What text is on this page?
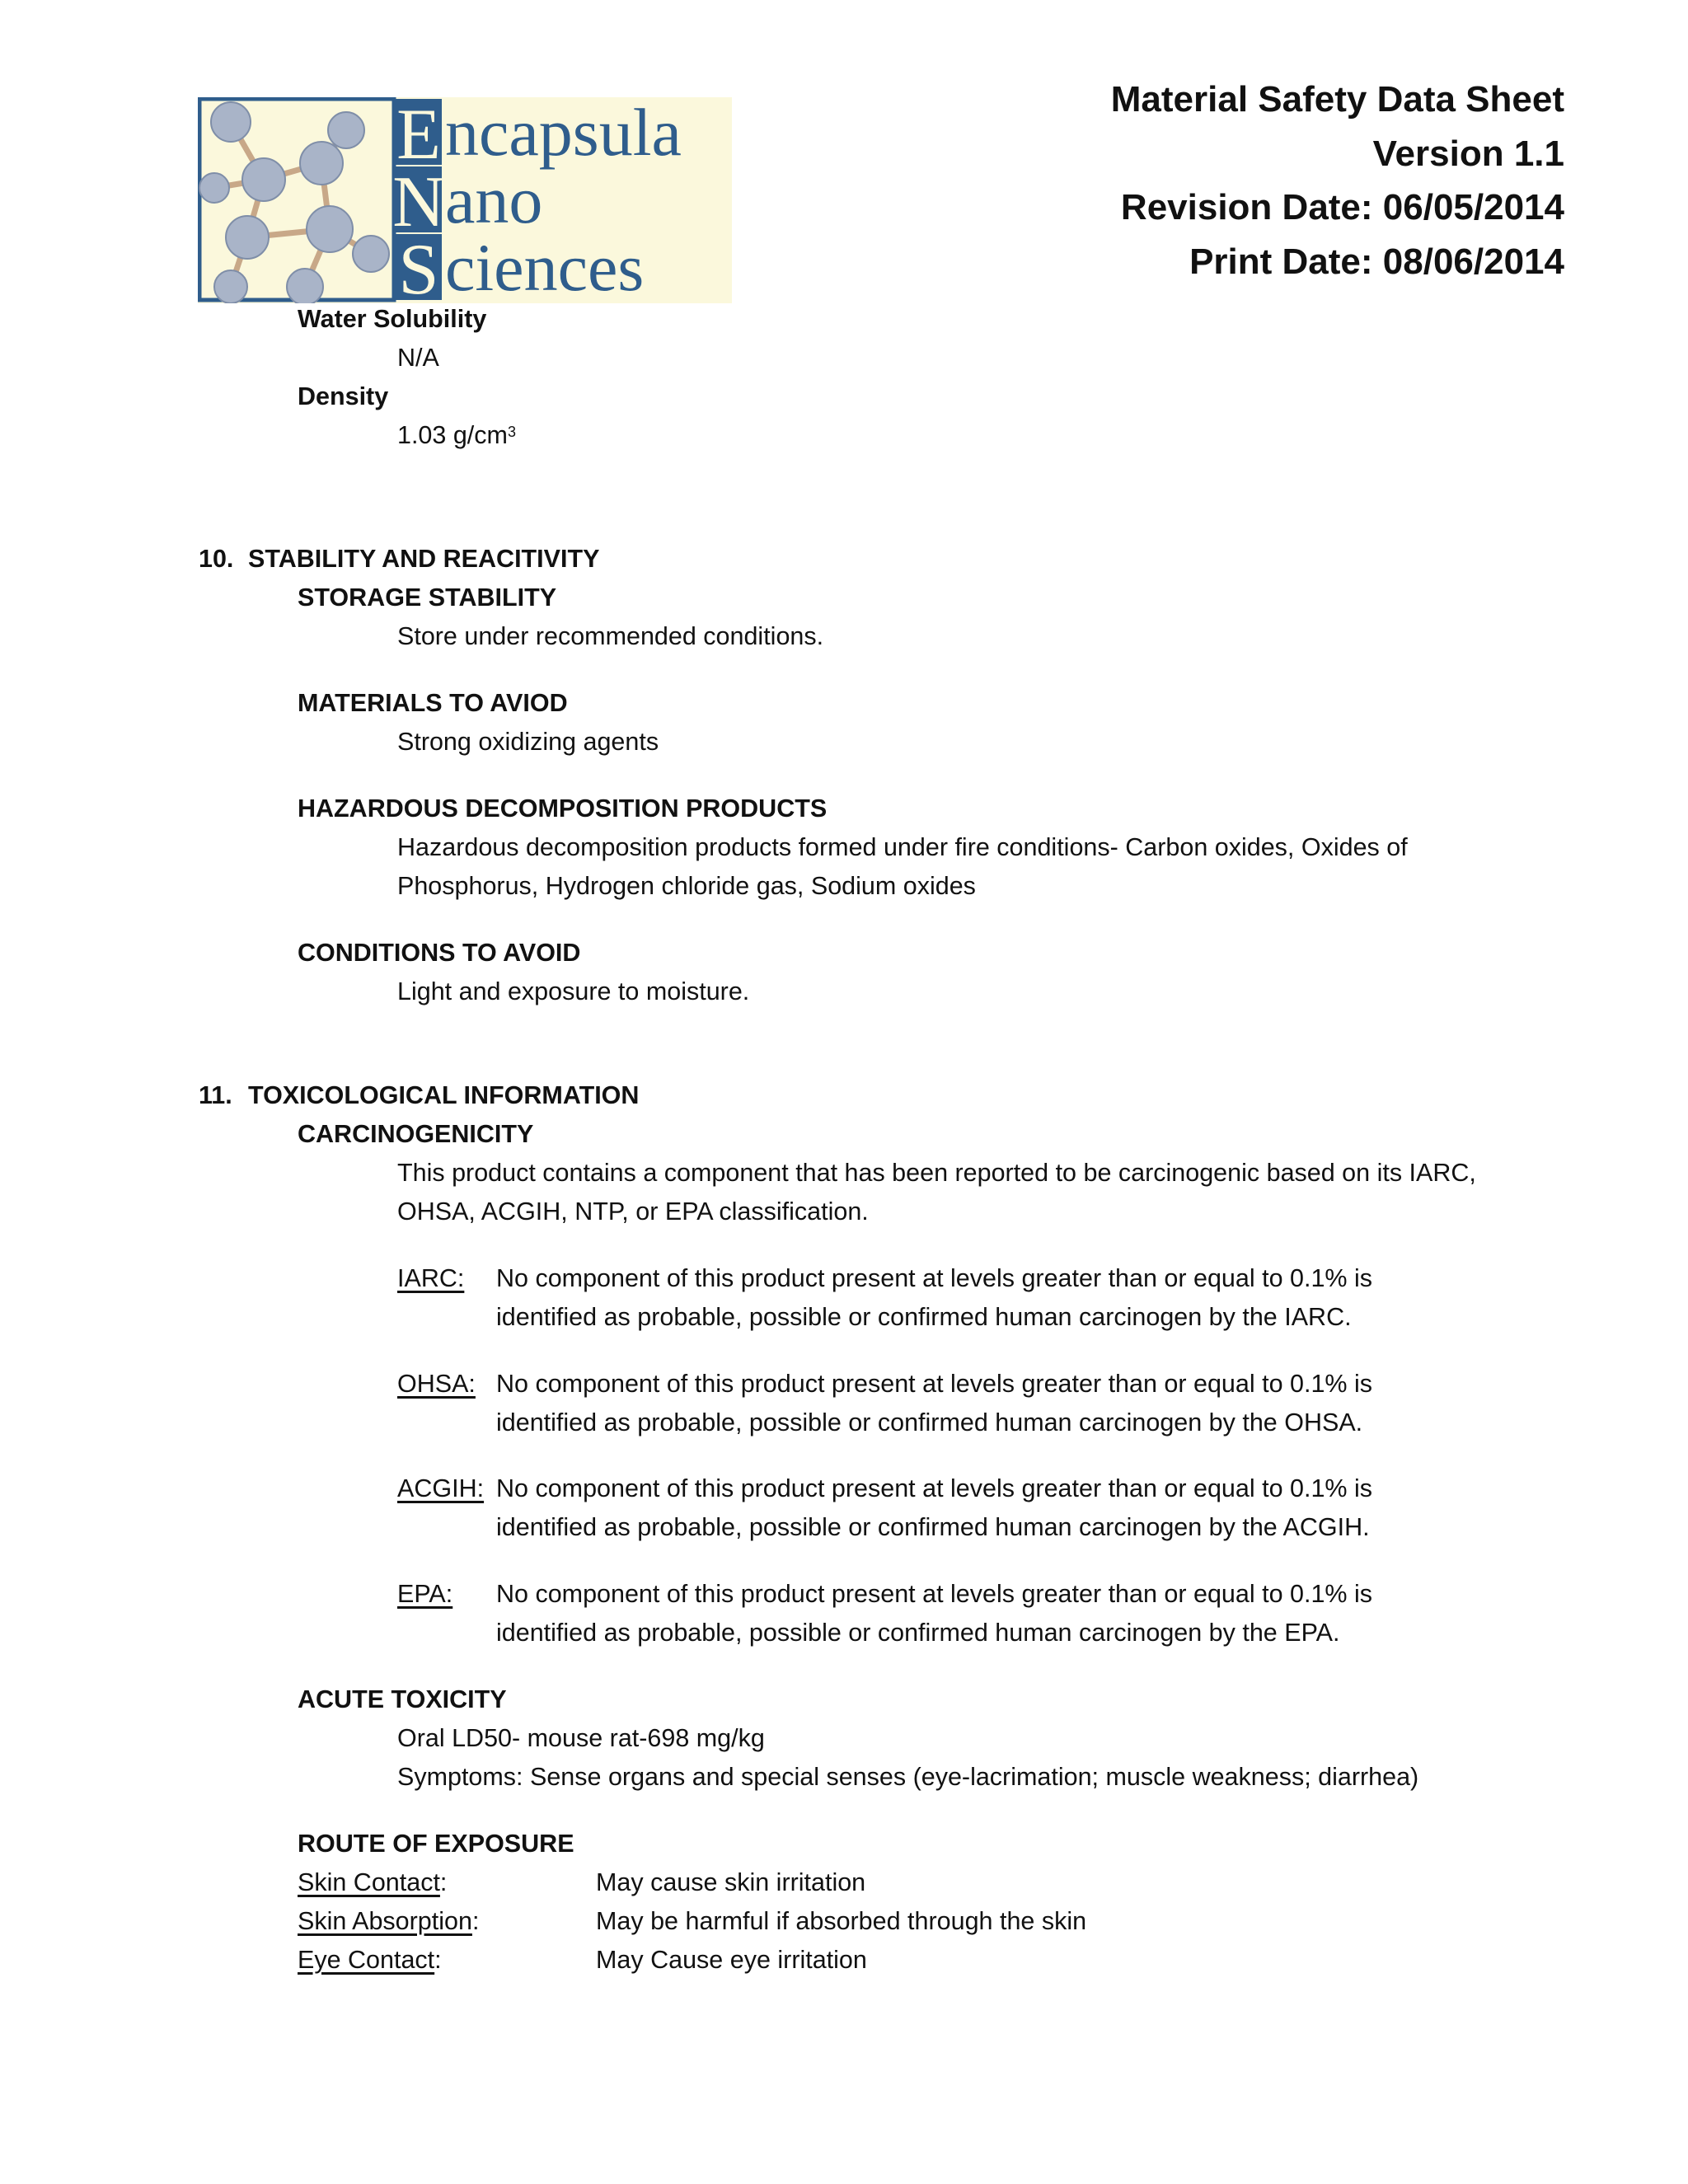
E
N
S
ncapsula
ano
ciences
Material Safety Data Sheet
Version 1.1
Revision Date: 06/05/2014
Print Date: 08/06/2014
Water Solubility
N/A
Density
1.03 $g/cm^3$
10. STABILITY AND REACITIVITY
STORAGE STABILITY
Store under recommended conditions.
MATERIALS TO AVIOD
Strong oxidizing agents
HAZARDOUS DECOMPOSITION PRODUCTS
Hazardous decomposition products formed under fire conditions- Carbon oxides, Oxides of
Phosphorus, Hydrogen chloride gas, Sodium oxides
CONDITIONS TO AVOID
Light and exposure to moisture.
11. TOXICOLOGICAL INFORMATION
CARCINOGENICITY
This product contains a component that has been reported to be carcinogenic based on its IARC,
OHSA, ACGIH, NTP, or EPA classification.
IARC: No component of this product present at levels greater than or equal to 0.1% is
identified as probable, possible or confirmed human carcinogen by the IARC.
OHSA: No component of this product present at levels greater than or equal to 0.1% is
identified as probable, possible or confirmed human carcinogen by the OHSA.
ACGIH: No component of this product present at levels greater than or equal to 0.1% is
identified as probable, possible or confirmed human carcinogen by the ACGIH.
EPA: No component of this product present at levels greater than or equal to 0.1% is
identified as probable, possible or confirmed human carcinogen by the EPA.
ACUTE TOXICITY
Oral LD50- mouse rat-698 mg/kg
Symptoms: Sense organs and special senses (eye-lacrimation; muscle weakness; diarrhea)
ROUTE OF EXPOSURE
Skin Contact:	May cause skin irritation
Skin Absorption:	May be harmful if absorbed through the skin
Eye Contact:	May Cause eye irritation
